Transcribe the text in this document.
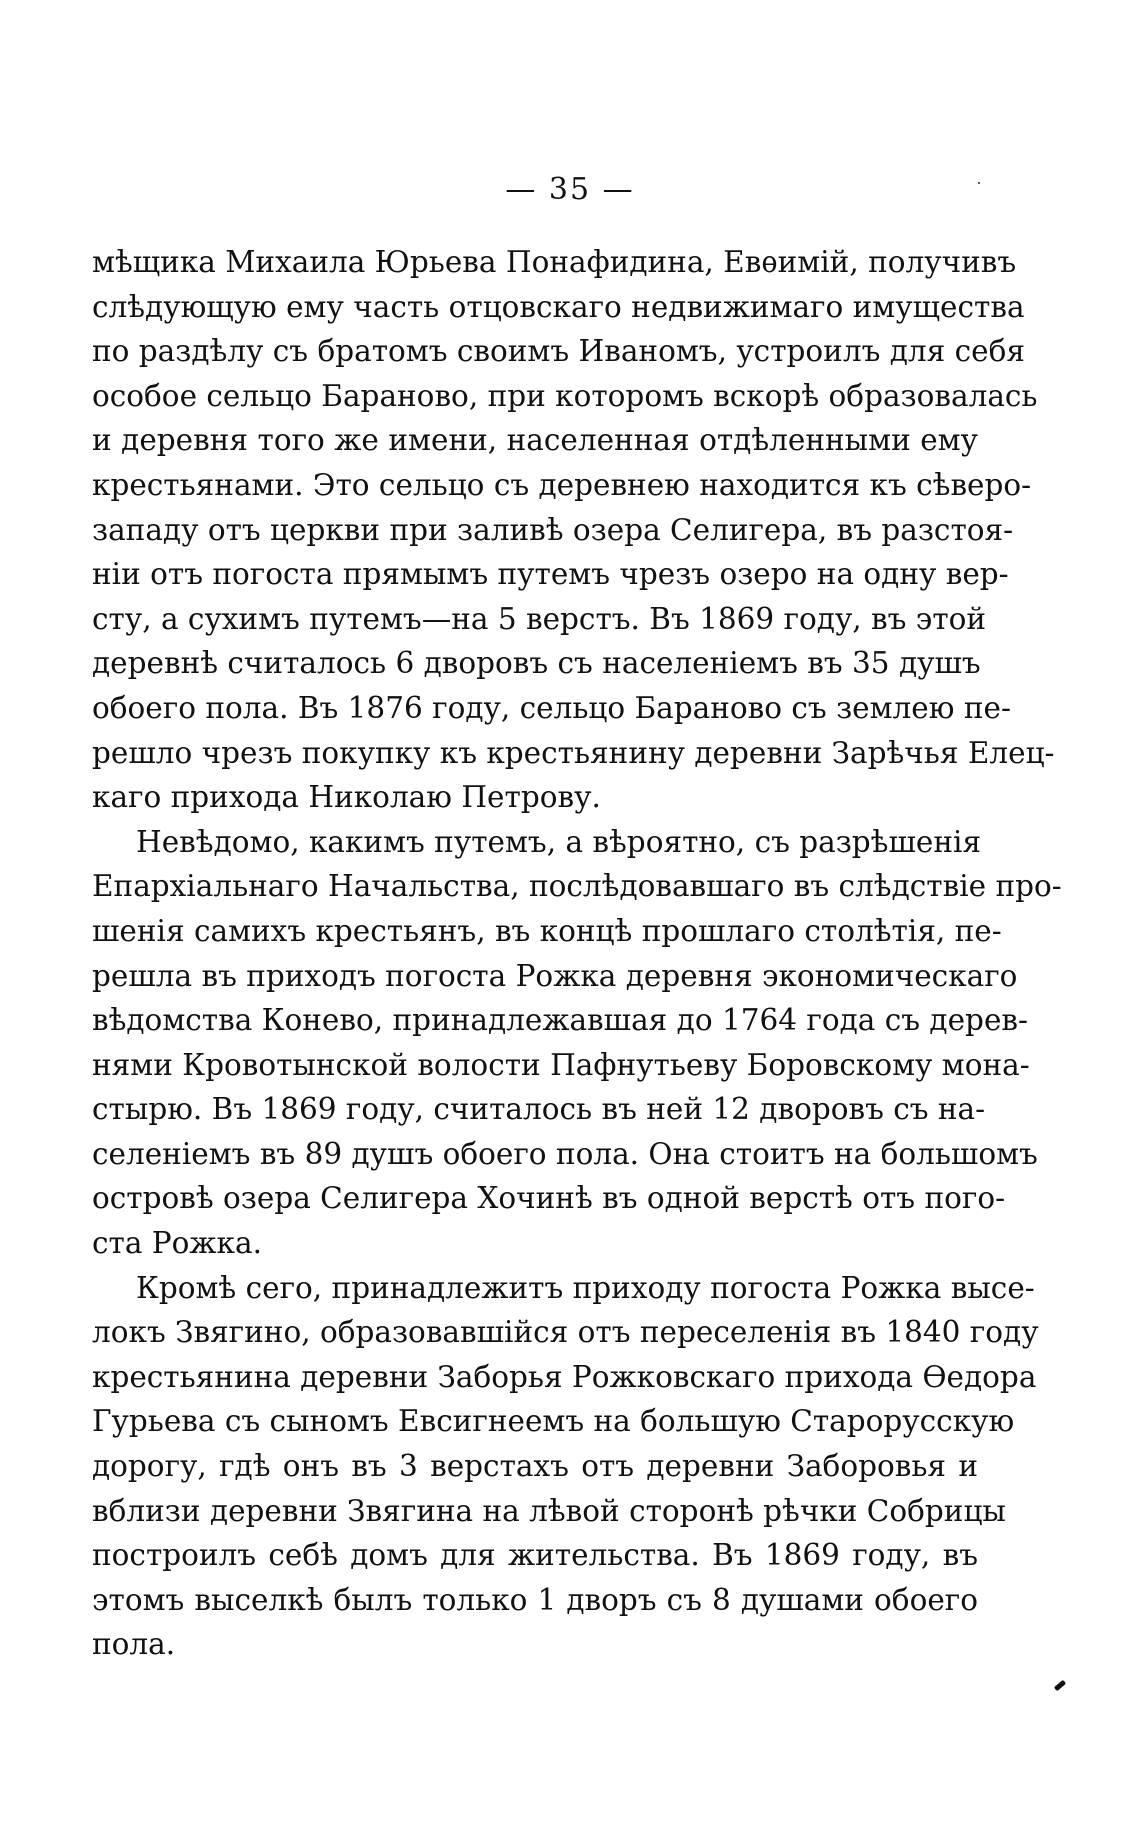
— 35 —

мѣщика Михаила Юрьева Понафидина, Евѳимій, получивъ
слѣдующую ему часть отцовскаго недвижимаго имущества
по раздѣлу съ братомъ своимъ Иваномъ, устроилъ для себя
особое сельцо Бараново, при которомъ вскорѣ образовалась
и деревня того же имени, населенная отдѣленными ему
крестьянами. Это сельцо съ деревнею находится къ сѣверо-
западу отъ церкви при заливѣ озера Селигера, въ разстоя-
ніи отъ погоста прямымъ путемъ чрезъ озеро на одну вер-
сту, а сухимъ путемъ—на 5 верстъ. Въ 1869 году, въ этой
деревнѣ считалось 6 дворовъ съ населеніемъ въ 35 душъ
обоего пола. Въ 1876 году, сельцо Бараново съ землею пе-
решло чрезъ покупку къ крестьянину деревни Зарѣчья Елец-
каго прихода Николаю Петрову.

Невѣдомо, какимъ путемъ, а вѣроятно, съ разрѣшенія
Епархіальнаго Начальства, послѣдовавшаго въ слѣдствіе про-
шенія самихъ крестьянъ, въ концѣ прошлаго столѣтія, пе-
решла въ приходъ погоста Рожка деревня экономическаго
вѣдомства Конево, принадлежавшая до 1764 года съ дерев-
нями Кровотынской волости Пафнутьеву Боровскому мона-
стырю. Въ 1869 году, считалось въ ней 12 дворовъ съ на-
селеніемъ въ 89 душъ обоего пола. Она стоитъ на большомъ
островѣ озера Селигера Хочинѣ въ одной верстѣ отъ пого-
ста Рожка.

Кромѣ сего, принадлежитъ приходу погоста Рожка высе-
локъ Звягино, образовавшійся отъ переселенія въ 1840 году
крестьянина деревни Заборья Рожковскаго прихода Ѳедора
Гурьева съ сыномъ Евсигнеемъ на большую Старорусскую
дорогу, гдѣ онъ въ 3 верстахъ отъ деревни Заборовья и
вблизи деревни Звягина на лѣвой сторонѣ рѣчки Собрицы
построилъ себѣ домъ для жительства. Въ 1869 году, въ
этомъ выселкѣ былъ только 1 дворъ съ 8 душами обоего
пола.
